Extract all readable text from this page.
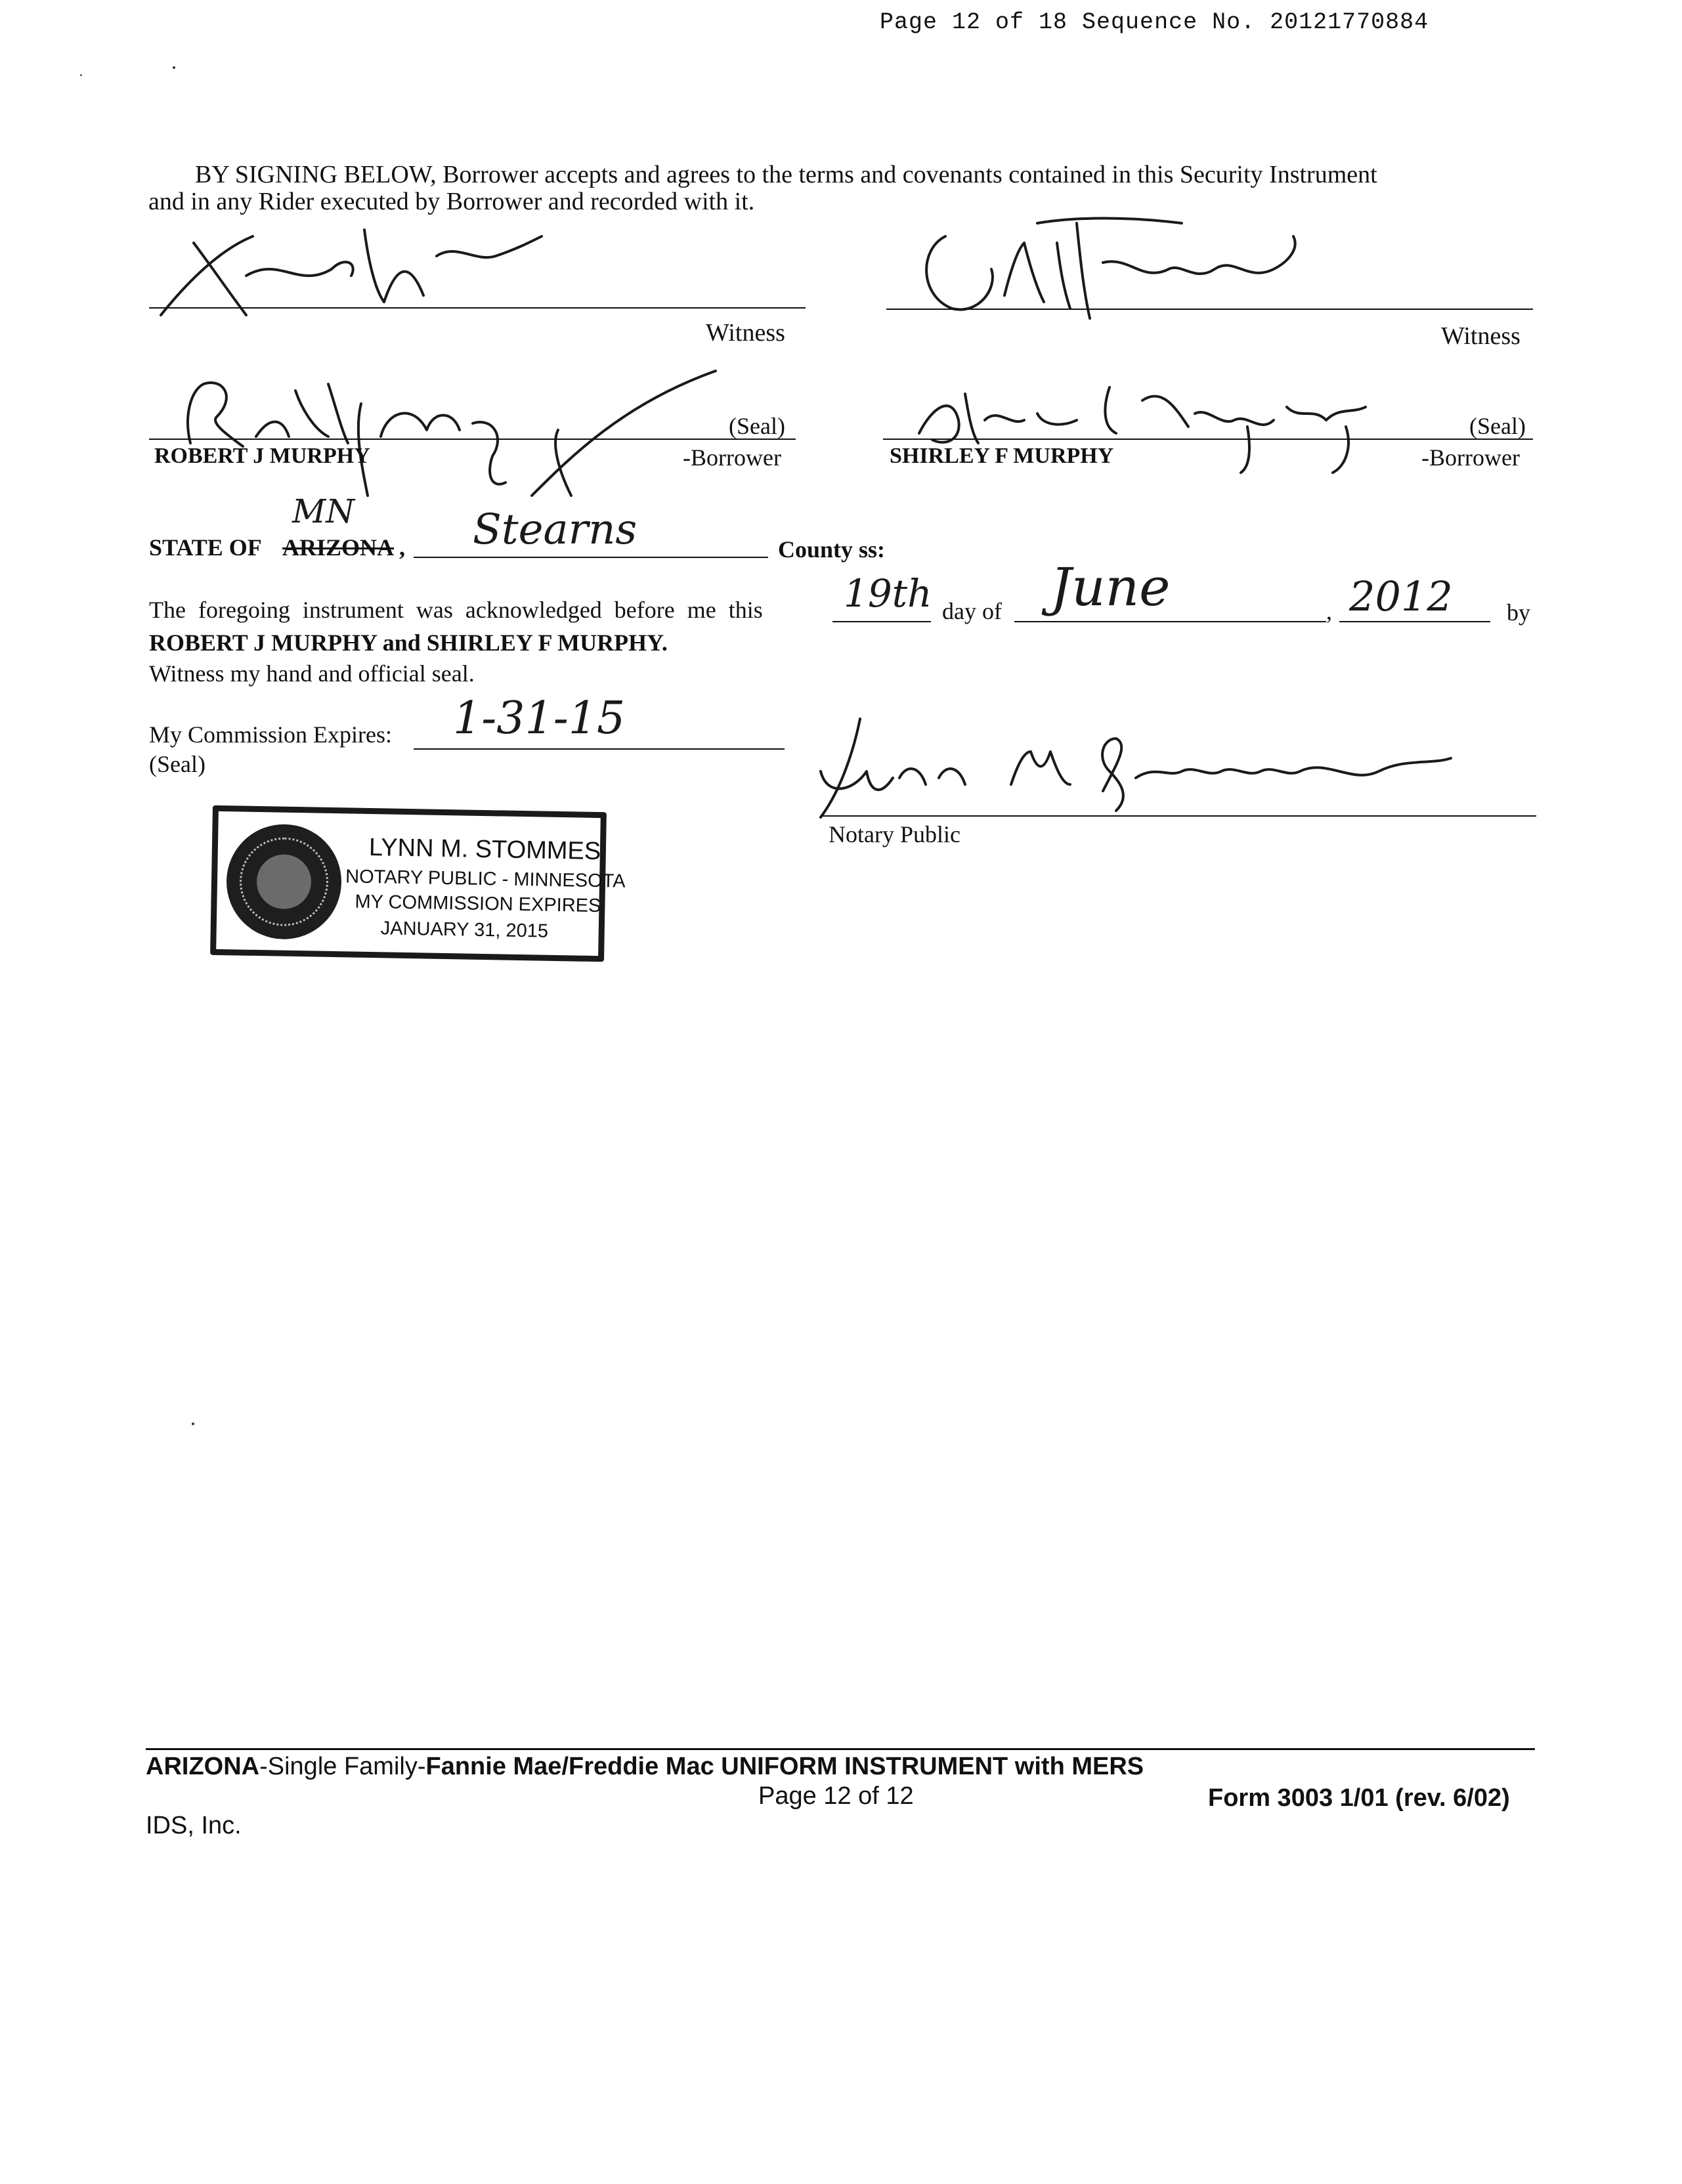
Page 12 of 18 Sequence No. 20121770884
BY SIGNING BELOW, Borrower accepts and agrees to the terms and covenants contained in this Security Instrument
and in any Rider executed by Borrower and recorded with it.
Witness	Witness
(Seal)
ROBERT J MURPHY	-Borrower
(Seal)
SHIRLEY F MURPHY	-Borrower
STATE OF ARIZONA ,
MN	Stearns	County ss:
The foregoing instrument was acknowledged before me this 19th day of June	, 2012 by
ROBERT J MURPHY and SHIRLEY F MURPHY.
Witness my hand and official seal.
My Commission Expires: 1-31-15
(Seal)
Notary Public
LYNN M. STOMMES
NOTARY PUBLIC - MINNESOTA
MY COMMISSION EXPIRES
JANUARY 31, 2015
ARIZONA-Single Family-Fannie Mae/Freddie Mac UNIFORM INSTRUMENT with MERS
Page 12 of 12
IDS, Inc.
Form 3003 1/01 (rev. 6/02)
